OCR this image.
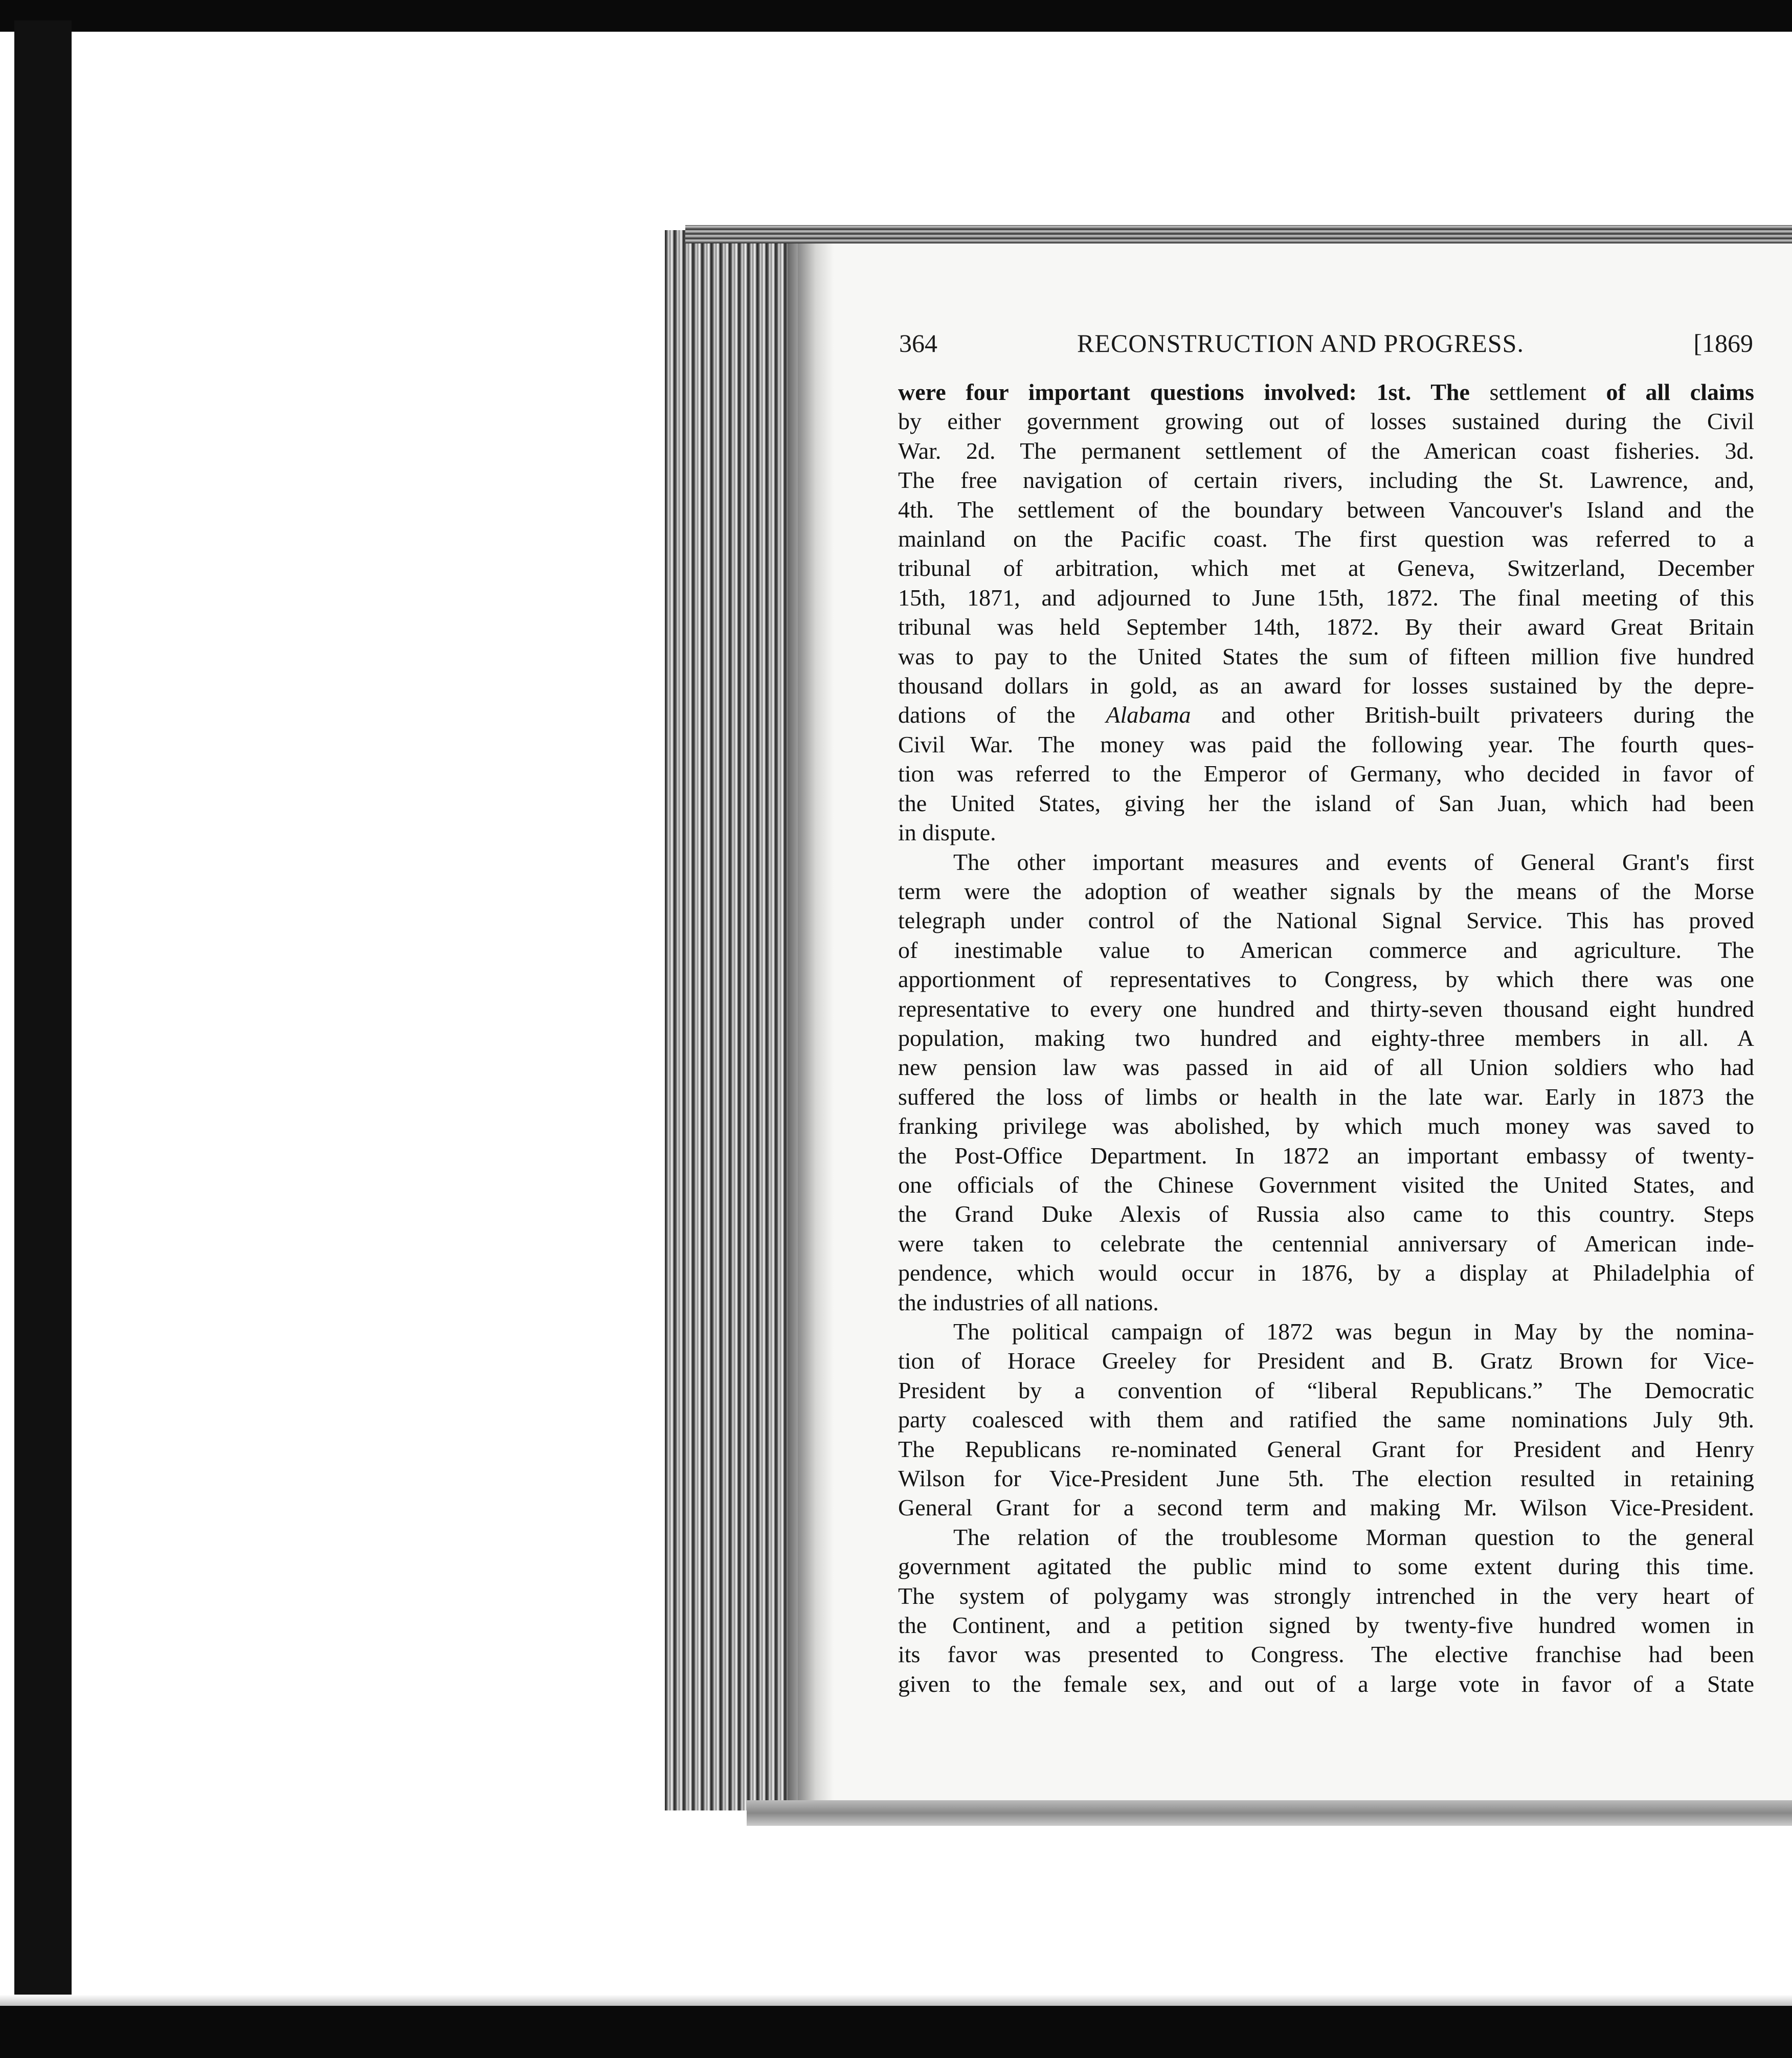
364	RECONSTRUCTION AND PROGRESS.	[1869
were four important questions involved: 1st. The settlement of all claims
by either government growing out of losses sustained during the Civil
War. 2d. The permanent settlement of the American coast fisheries. 3d.
The free navigation of certain rivers, including the St. Lawrence, and,
4th. The settlement of the boundary between Vancouver's Island and the
mainland on the Pacific coast. The first question was referred to a
tribunal of arbitration, which met at Geneva, Switzerland, December
15th, 1871, and adjourned to June 15th, 1872. The final meeting of this
tribunal was held September 14th, 1872. By their award Great Britain
was to pay to the United States the sum of fifteen million five hundred
thousand dollars in gold, as an award for losses sustained by the depre-
dations of the Alabama and other British-built privateers during the
Civil War. The money was paid the following year. The fourth ques-
tion was referred to the Emperor of Germany, who decided in favor of
the United States, giving her the island of San Juan, which had been
in dispute.
The other important measures and events of General Grant's first
term were the adoption of weather signals by the means of the Morse
telegraph under control of the National Signal Service. This has proved
of inestimable value to American commerce and agriculture. The
apportionment of representatives to Congress, by which there was one
representative to every one hundred and thirty-seven thousand eight hundred
population, making two hundred and eighty-three members in all. A
new pension law was passed in aid of all Union soldiers who had
suffered the loss of limbs or health in the late war. Early in 1873 the
franking privilege was abolished, by which much money was saved to
the Post-Office Department. In 1872 an important embassy of twenty-
one officials of the Chinese Government visited the United States, and
the Grand Duke Alexis of Russia also came to this country. Steps
were taken to celebrate the centennial anniversary of American inde-
pendence, which would occur in 1876, by a display at Philadelphia of
the industries of all nations.
The political campaign of 1872 was begun in May by the nomina-
tion of Horace Greeley for President and B. Gratz Brown for Vice-
President by a convention of “liberal Republicans.” The Democratic
party coalesced with them and ratified the same nominations July 9th.
The Republicans re-nominated General Grant for President and Henry
Wilson for Vice-President June 5th. The election resulted in retaining
General Grant for a second term and making Mr. Wilson Vice-President.
The relation of the troublesome Morman question to the general
government agitated the public mind to some extent during this time.
The system of polygamy was strongly intrenched in the very heart of
the Continent, and a petition signed by twenty-five hundred women in
its favor was presented to Congress. The elective franchise had been
given to the female sex, and out of a large vote in favor of a State
